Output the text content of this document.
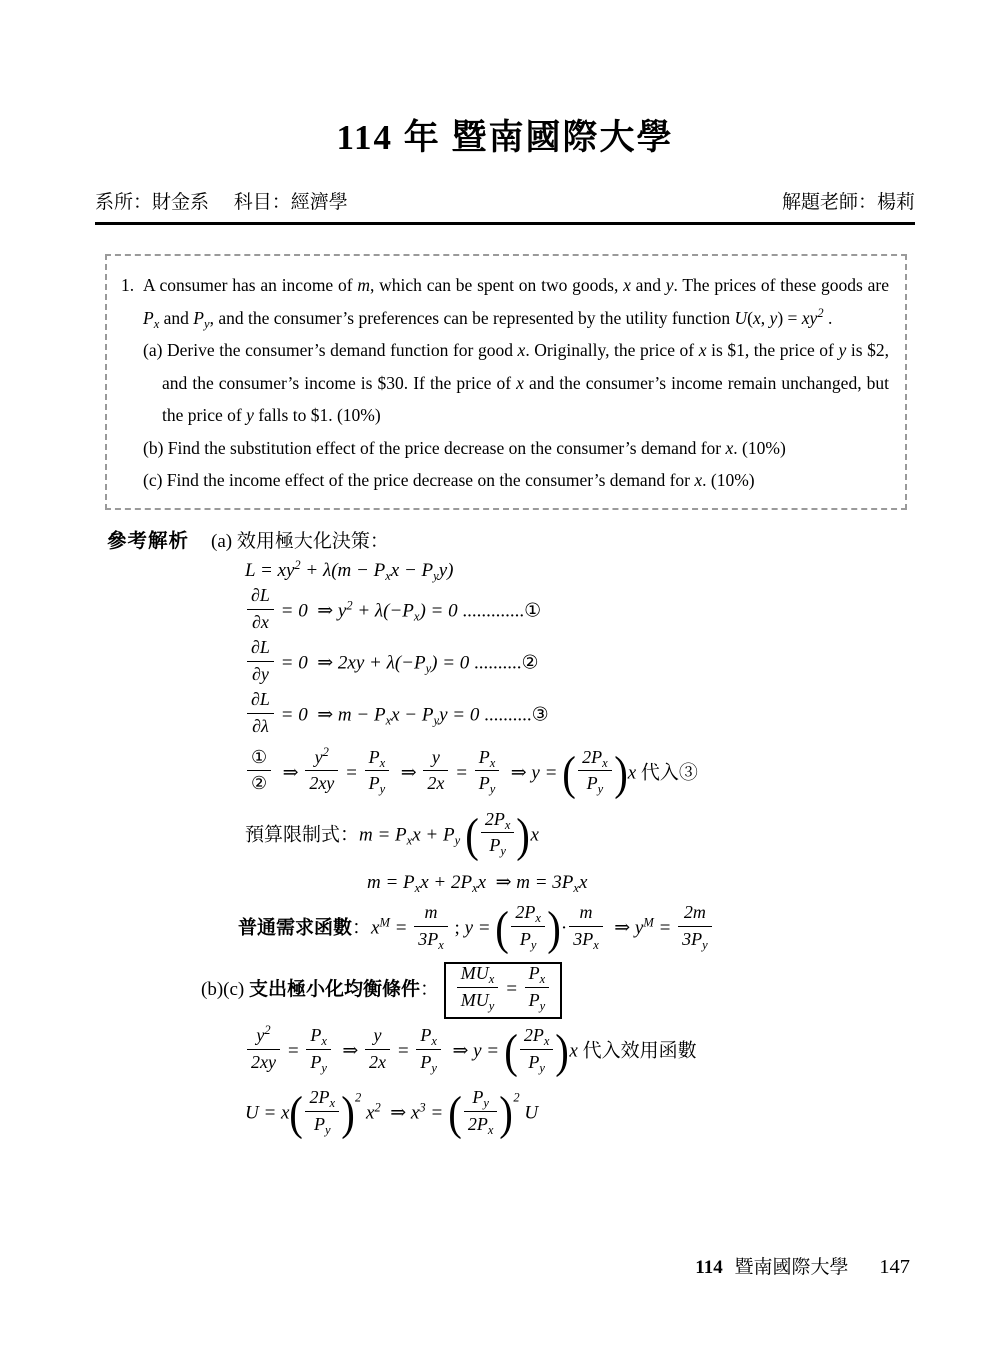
114 年 暨南國際大學
系所：財金系 科目：經濟學	解題老師：楊莉
1. A consumer has an income of m, which can be spent on two goods, x and y. The prices of these goods are $P_x$ and $P_y$, and the consumer’s preferences can be represented by the utility function U(x, $y) = xy^2$ .

(a) Derive the consumer’s demand function for good x. Originally, the price of x is $1, the price of y is $2, and the consumer’s income is $30. If the price of x and the consumer’s income remain unchanged, but the price of y falls to $1. (10%)

(b) Find the substitution effect of the price decrease on the consumer’s demand for x. (10%)

(c) Find the income effect of the price decrease on the consumer’s demand for x. (10%)

參考解析 (a) 效用極大化決策：
$L = xy^2 + \lambda(m - P_xx - P_yy)$
$\frac{\partial L}{\partial x} = 0$  ⇒ $y^2 + \lambda(-P_x) = 0$ .............①
$\frac{\partial L}{\partial y} = 0$  ⇒ $2xy + \lambda(-P_y) = 0$ ..........②
$\frac{\partial L}{\partial\lambda} = 0$  ⇒ $m - P_xx - P_yy = 0$ ..........③
$\frac{\text{①}}{\text{②}}$ ⇒ $\frac{y^2}{2xy} = \frac{P_x}{P_y}$ ⇒ $\frac{y}{2x} = \frac{P_x}{P_y}$ ⇒ y = ( $\frac{2P_x}{P_y} )x$ 代入③
預算限制式：$m = P_xx + P_y$ ( $\frac{2P_x}{P_y} )x$
$m = P_xx + 2P_xx$  ⇒ $m = 3P_xx$
普通需求函數：$x^M = \frac{m}{3P_x}$ ; y = ( $\frac{2P_x}{P_y}$ )· $\frac{m}{3P_x}$ ⇒ $y^M = \frac{2m}{3P_y}$
(b)(c) 支出極小化均衡條件： $\frac{MU_x}{MU_y} = \frac{P_x}{P_y}$
$\frac{y^2}{2xy} = \frac{P_x}{P_y}$ ⇒ $\frac{y}{2x} = \frac{P_x}{P_y}$ ⇒ y = ( $\frac{2P_x}{P_y} )x$ 代入效用函數
$U = x( \frac{2P_x}{P_y} )^2$ $x^2$  ⇒ $x^3$ = ( $\frac{P_y}{2P_x} )^2$ U
114 暨南國際大學 147
